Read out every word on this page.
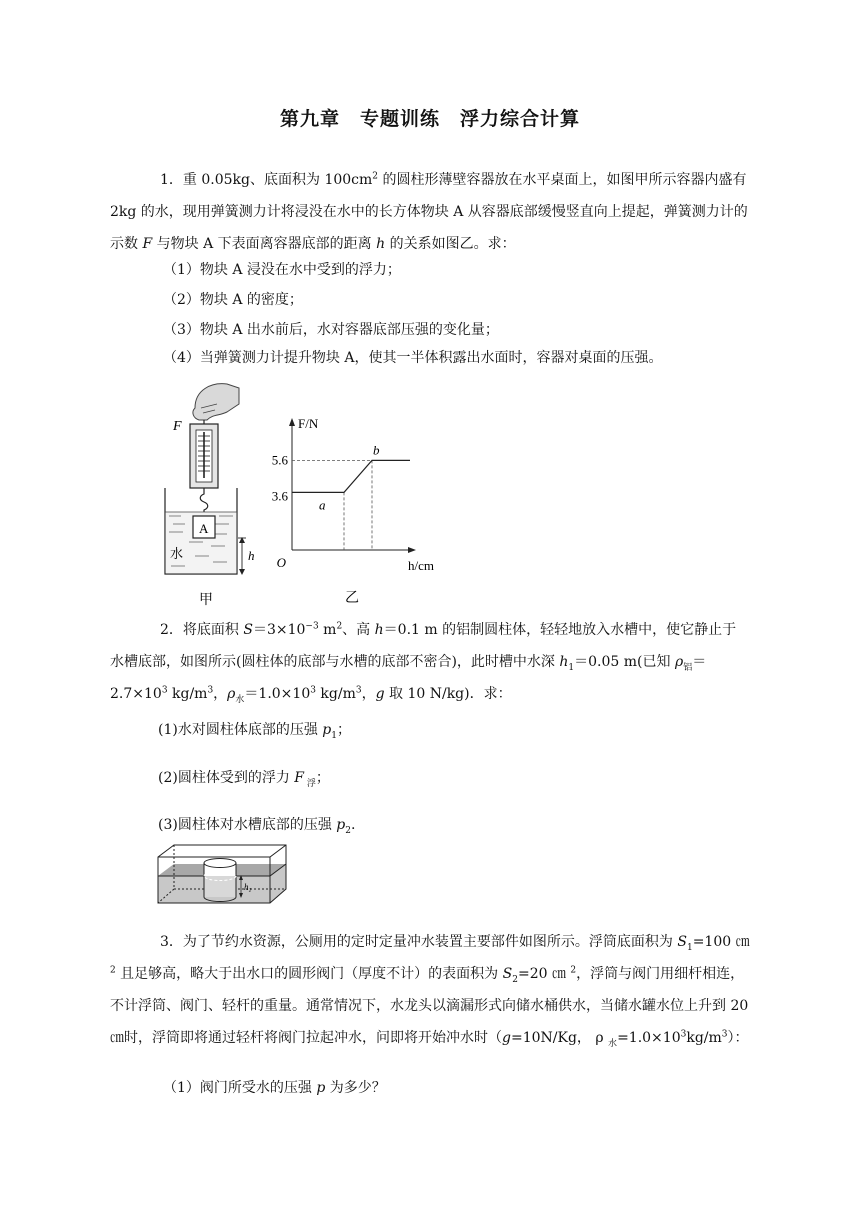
第九章　专题训练　浮力综合计算

1．重 0.05kg、底面积为 $100cm^2$ 的圆柱形薄壁容器放在水平桌面上，如图甲所示容器内盛有 2kg 的水，现用弹簧测力计将浸没在水中的长方体物块 A 从容器底部缓慢竖直向上提起，弹簧测力计的示数 F 与物块 A 下表面离容器底部的距离 h 的关系如图乙。求：

（1）物块 A 浸没在水中受到的浮力；
（2）物块 A 的密度；
（3）物块 A 出水前后，水对容器底部压强的变化量；
（4）当弹簧测力计提升物块 A，使其一半体积露出水面时，容器对桌面的压强。
F
A
水	h
甲
F/N
h/cm
O
5.6
3.6
a
b
乙

2．将底面积 $S=3\times 10^{-3}$ $m^2$、高 h＝0.1 m 的铝制圆柱体，轻轻地放入水槽中，使它静止于水槽底部，如图所示(圆柱体的底部与水槽的底部不密合)，此时槽中水深 $h_1=0.05$ m(已知 $\rho_铝=2.7\times 10^3$ $kg/m^3$，$\rho_水=1.0\times 10^3$ $kg/m^3$，g 取 10 N/kg)．求：

(1)水对圆柱体底部的压强 $p_1$；
(2)圆柱体受到的浮力 F $_浮$；
(3)圆柱体对水槽底部的压强 $p_2$.
$h_1$

3．为了节约水资源，公厕用的定时定量冲水装置主要部件如图所示。浮筒底面积为 $S_1=100$ ㎝ $^2$ 且足够高，略大于出水口的圆形阀门（厚度不计）的表面积为 $S_2=20$ ㎝ $^2$，浮筒与阀门用细杆相连，不计浮筒、阀门、轻杆的重量。通常情况下，水龙头以滴漏形式向储水桶供水，当储水罐水位上升到 20 ㎝时，浮筒即将通过轻杆将阀门拉起冲水，问即将开始冲水时（g=10N/Kg， ρ $_水=1.0\times 10^3kg/m^3$）：

（1）阀门所受水的压强 p 为多少？
